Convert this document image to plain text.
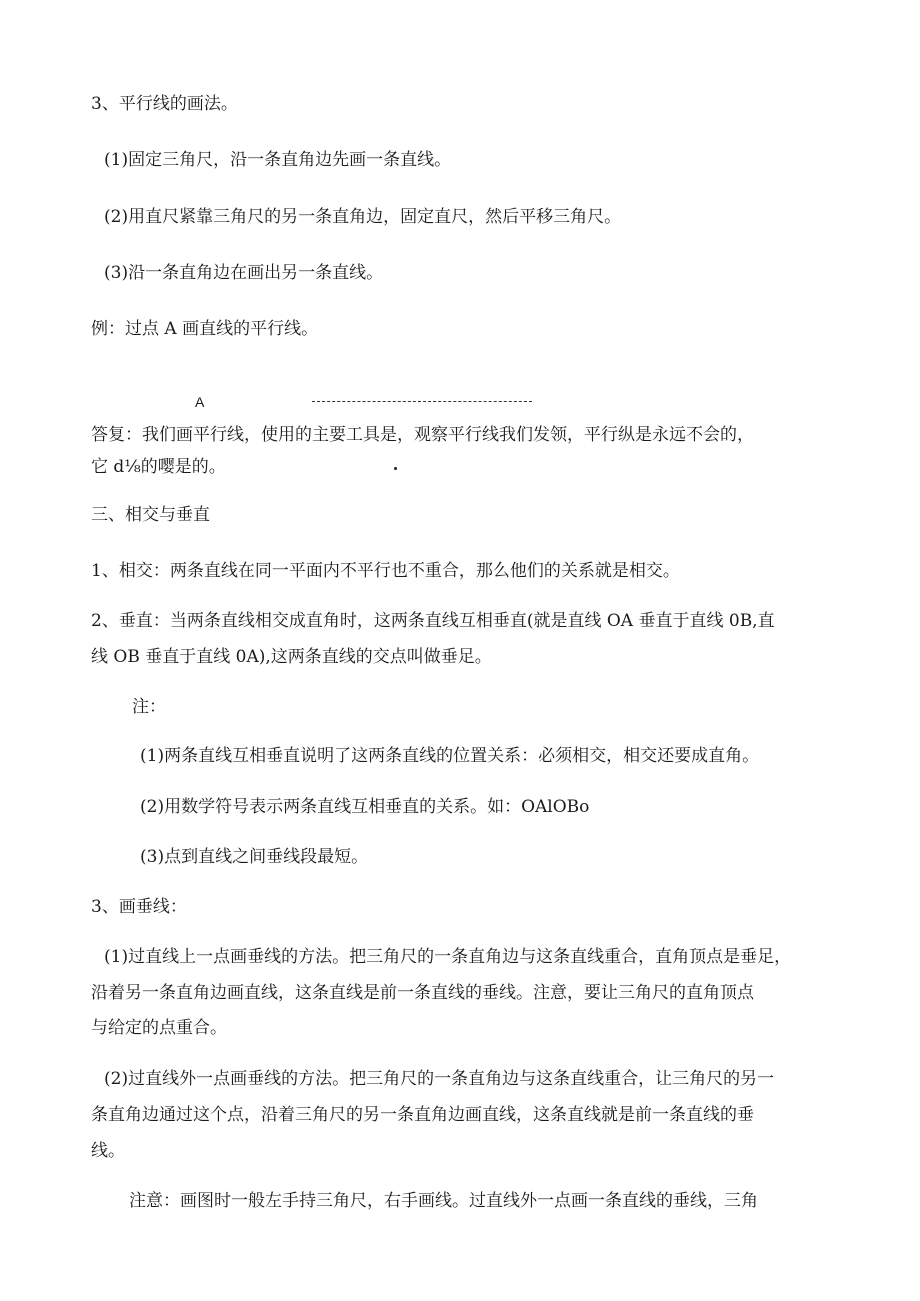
3、平行线的画法。
(1)固定三角尺，沿一条直角边先画一条直线。
(2)用直尺紧靠三角尺的另一条直角边，固定直尺，然后平移三角尺。
(3)沿一条直角边在画出另一条直线。
例：过点 A 画直线的平行线。
A
答复：我们画平行线，使用的主要工具是，观察平行线我们发领，平行纵是永远不会的，
它 d⅛的嘤是的。
三、相交与垂直
1、相交：两条直线在同一平面内不平行也不重合，那么他们的关系就是相交。
2、垂直：当两条直线相交成直角时，这两条直线互相垂直(就是直线 OA 垂直于直线 0B,直
线 OB 垂直于直线 0A),这两条直线的交点叫做垂足。
注：
(1)两条直线互相垂直说明了这两条直线的位置关系：必须相交，相交还要成直角。
(2)用数学符号表示两条直线互相垂直的关系。如：OAlOBo
(3)点到直线之间垂线段最短。
3、画垂线：
(1)过直线上一点画垂线的方法。把三角尺的一条直角边与这条直线重合，直角顶点是垂足，
沿着另一条直角边画直线，这条直线是前一条直线的垂线。注意，要让三角尺的直角顶点
与给定的点重合。
(2)过直线外一点画垂线的方法。把三角尺的一条直角边与这条直线重合，让三角尺的另一
条直角边通过这个点，沿着三角尺的另一条直角边画直线，这条直线就是前一条直线的垂
线。
注意：画图时一般左手持三角尺，右手画线。过直线外一点画一条直线的垂线，三角
